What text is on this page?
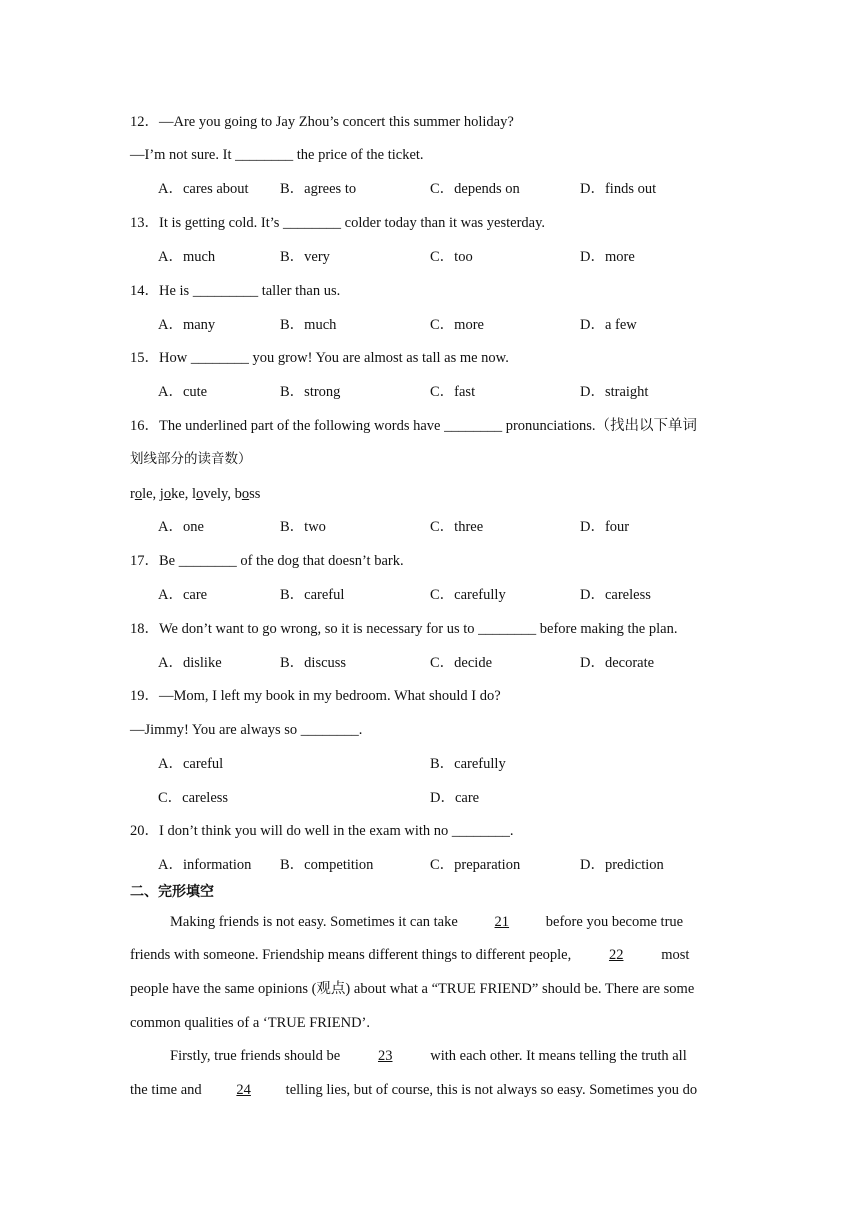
12．—Are you going to Jay Zhou’s concert this summer holiday?
—I’m not sure. It ________ the price of the ticket.
A．cares about B．agrees to	C．depends on	D．finds out
13．It is getting cold. It’s ________ colder today than it was yesterday.
A．much	B．very	C．too	D．more
14．He is _________ taller than us.
A．many	B．much	C．more	D．a few
15．How ________ you grow! You are almost as tall as me now.
A．cute	B．strong	C．fast	D．straight
16．The underlined part of the following words have ________ pronunciations.（找出以下单词
划线部分的读音数）
role, joke, lovely, boss
A．one	B．two	C．three	D．four
17．Be ________ of the dog that doesn’t bark.
A．care	B．careful	C．carefully	D．careless
18．We don’t want to go wrong, so it is necessary for us to ________ before making the plan.
A．dislike	B．discuss	C．decide	D．decorate
19．—Mom, I left my book in my bedroom. What should I do?
—Jimmy! You are always so ________.
A．careful	B．carefully
C．careless	D．care
20．I don’t think you will do well in the exam with no ________.
A．information B．competition	C．preparation	D．prediction
二、完形填空
Making friends is not easy. Sometimes it can take	21	before you become true
friends with someone. Friendship means different things to different people,	22	most
people have the same opinions (观点) about what a “TRUE FRIEND” should be. There are some
common qualities of a ‘TRUE FRIEND’.
Firstly, true friends should be	23	with each other. It means telling the truth all
the time and 24 telling lies, but of course, this is not always so easy. Sometimes you do
